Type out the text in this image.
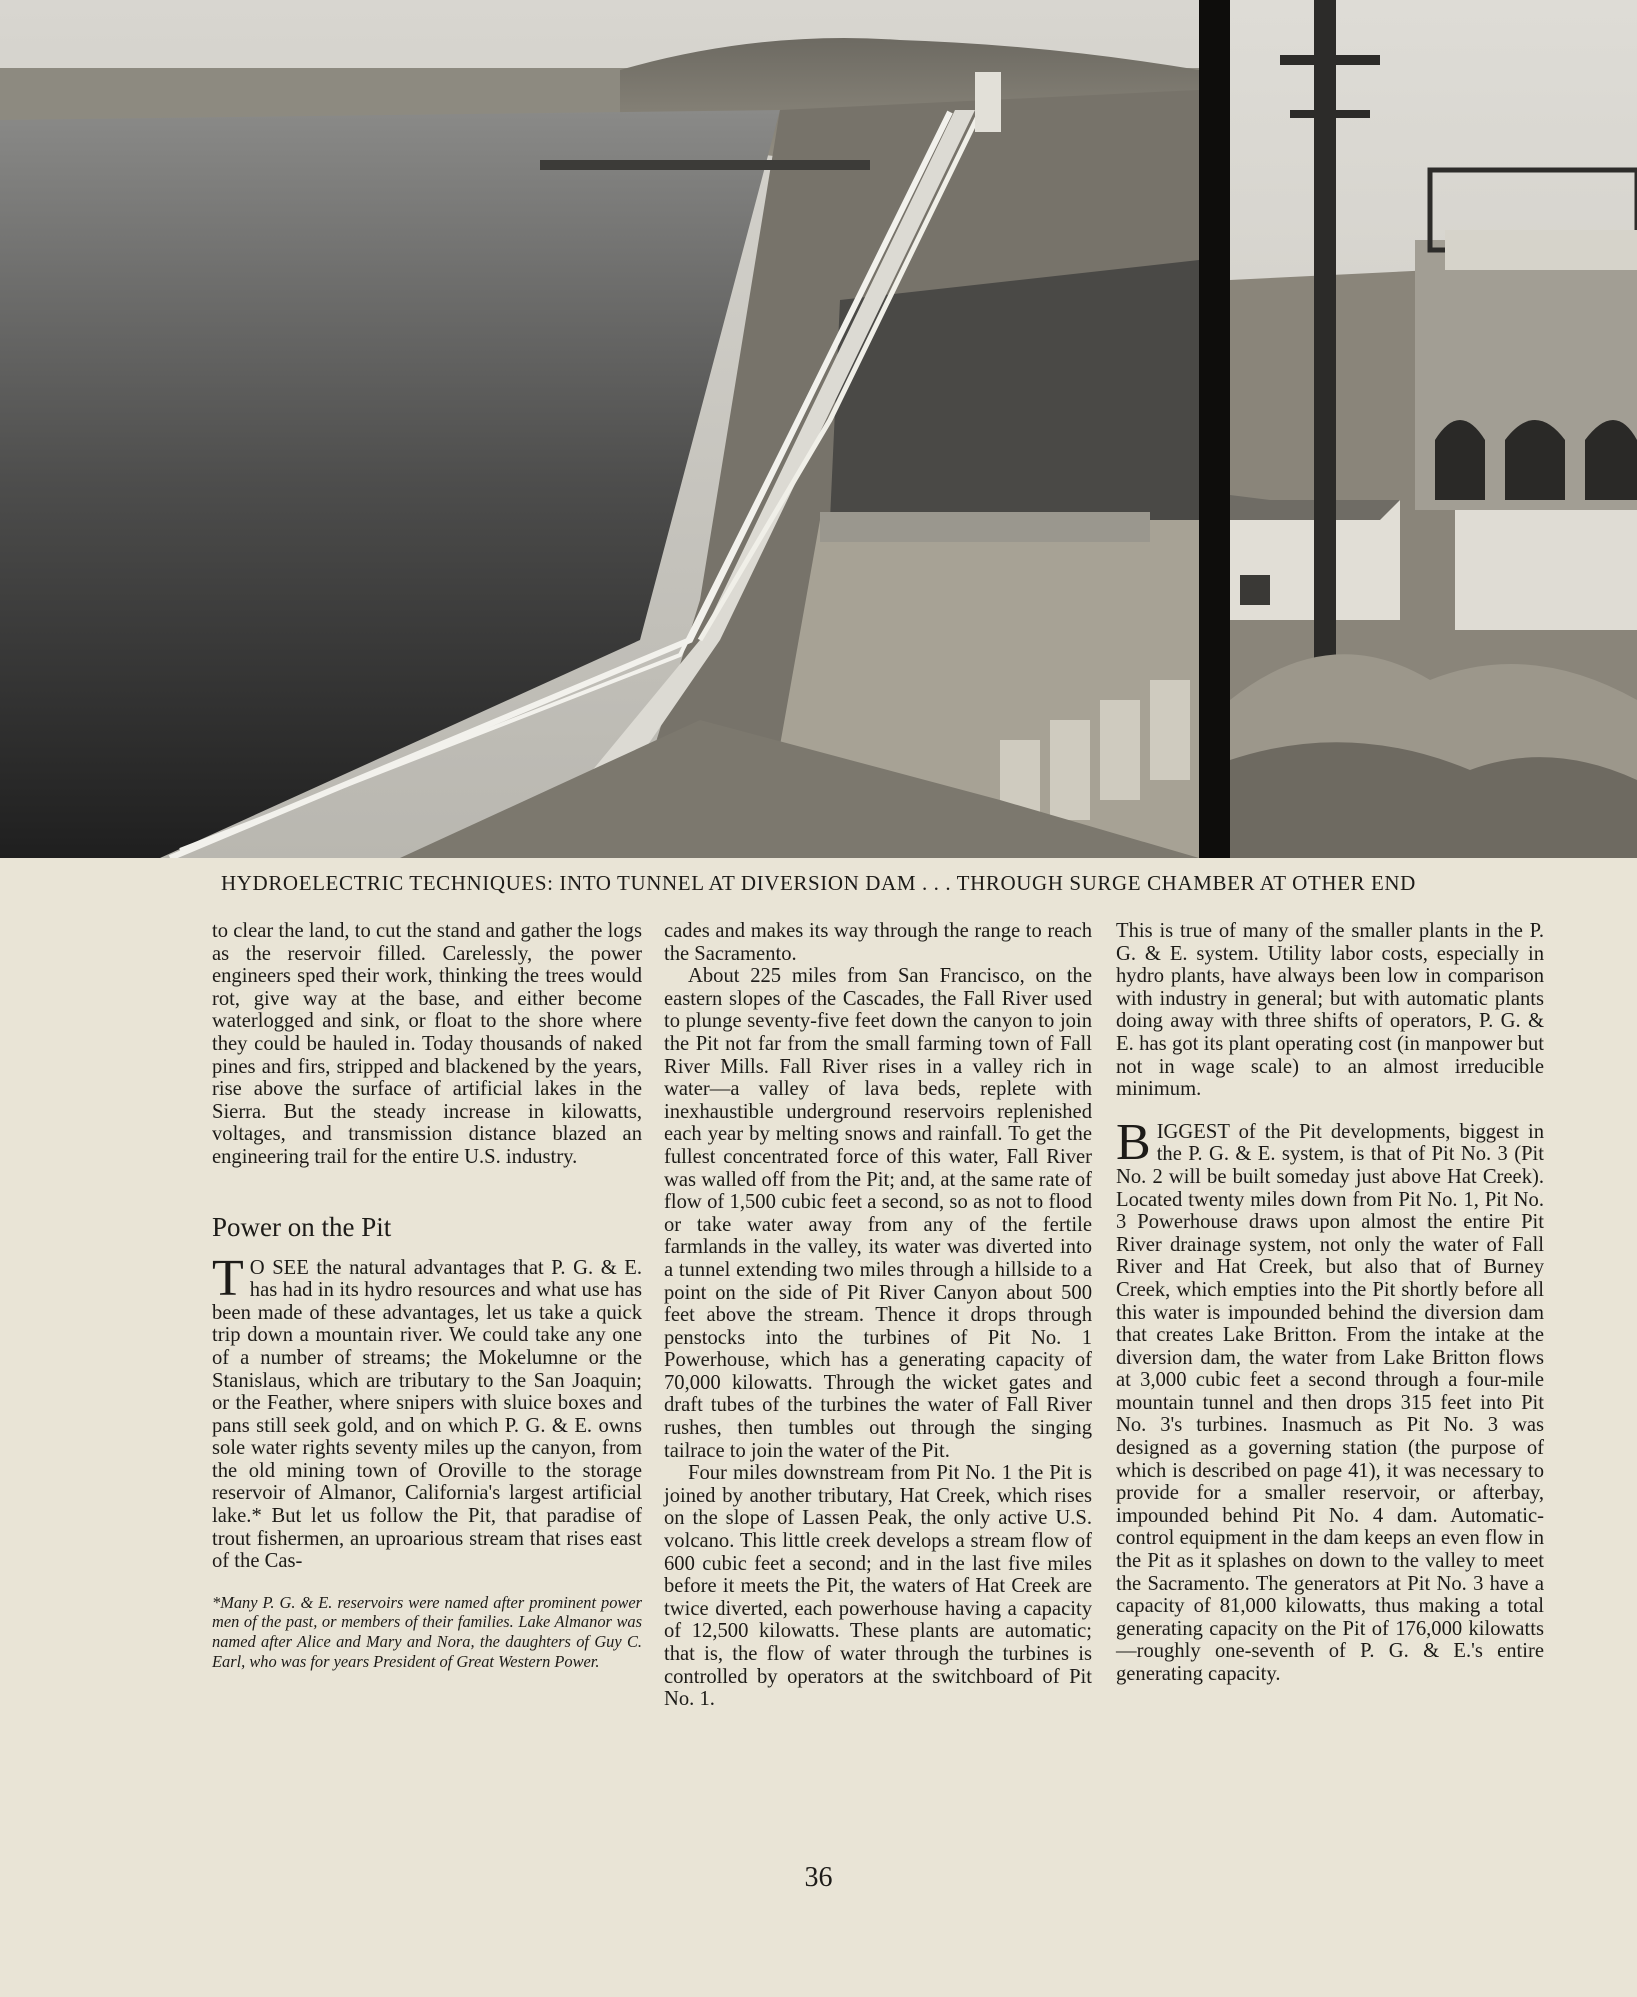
HYDROELECTRIC TECHNIQUES: INTO TUNNEL AT DIVERSION DAM . . . THROUGH SURGE CHAMBER AT OTHER END

to clear the land, to cut the stand and gather the logs as the reservoir filled. Carelessly, the power engineers sped their work, thinking the trees would rot, give way at the base, and either become waterlogged and sink, or float to the shore where they could be hauled in. Today thousands of naked pines and firs, stripped and blackened by the years, rise above the surface of artificial lakes in the Sierra. But the steady increase in kilowatts, voltages, and transmission distance blazed an engineering trail for the entire U.S. industry.

Power on the Pit

T O SEE the natural advantages that P. G. & E. has had in its hydro resources and what use has been made of these advantages, let us take a quick trip down a mountain river. We could take any one of a number of streams; the Mokelumne or the Stanislaus, which are tributary to the San Joaquin; or the Feather, where snipers with sluice boxes and pans still seek gold, and on which P. G. & E. owns sole water rights seventy miles up the canyon, from the old mining town of Oroville to the storage reservoir of Almanor, California's largest artificial lake.* But let us follow the Pit, that paradise of trout fishermen, an uproarious stream that rises east of the Cas-

*Many P. G. & E. reservoirs were named after prominent power men of the past, or members of their families. Lake Almanor was named after Alice and Mary and Nora, the daughters of Guy C. Earl, who was for years President of Great Western Power.

cades and makes its way through the range to reach the Sacramento.

About 225 miles from San Francisco, on the eastern slopes of the Cascades, the Fall River used to plunge seventy-five feet down the canyon to join the Pit not far from the small farming town of Fall River Mills. Fall River rises in a valley rich in water—a valley of lava beds, replete with inexhaustible underground reservoirs replenished each year by melting snows and rainfall. To get the fullest concentrated force of this water, Fall River was walled off from the Pit; and, at the same rate of flow of 1,500 cubic feet a second, so as not to flood or take water away from any of the fertile farmlands in the valley, its water was diverted into a tunnel extending two miles through a hillside to a point on the side of Pit River Canyon about 500 feet above the stream. Thence it drops through penstocks into the turbines of Pit No. 1 Powerhouse, which has a generating capacity of 70,000 kilowatts. Through the wicket gates and draft tubes of the turbines the water of Fall River rushes, then tumbles out through the singing tailrace to join the water of the Pit.

Four miles downstream from Pit No. 1 the Pit is joined by another tributary, Hat Creek, which rises on the slope of Lassen Peak, the only active U.S. volcano. This little creek develops a stream flow of 600 cubic feet a second; and in the last five miles before it meets the Pit, the waters of Hat Creek are twice diverted, each powerhouse having a capacity of 12,500 kilowatts. These plants are automatic; that is, the flow of water through the turbines is controlled by operators at the switchboard of Pit No. 1.

This is true of many of the smaller plants in the P. G. & E. system. Utility labor costs, especially in hydro plants, have always been low in comparison with industry in general; but with automatic plants doing away with three shifts of operators, P. G. & E. has got its plant operating cost (in manpower but not in wage scale) to an almost irreducible minimum.

BIGGEST of the Pit developments, biggest in the P. G. & E. system, is that of Pit No. 3 (Pit No. 2 will be built someday just above Hat Creek). Located twenty miles down from Pit No. 1, Pit No. 3 Powerhouse draws upon almost the entire Pit River drainage system, not only the water of Fall River and Hat Creek, but also that of Burney Creek, which empties into the Pit shortly before all this water is impounded behind the diversion dam that creates Lake Britton. From the intake at the diversion dam, the water from Lake Britton flows at 3,000 cubic feet a second through a four-mile mountain tunnel and then drops 315 feet into Pit No. 3's turbines. Inasmuch as Pit No. 3 was designed as a governing station (the purpose of which is described on page 41), it was necessary to provide for a smaller reservoir, or afterbay, impounded behind Pit No. 4 dam. Automatic-control equipment in the dam keeps an even flow in the Pit as it splashes on down to the valley to meet the Sacramento. The generators at Pit No. 3 have a capacity of 81,000 kilowatts, thus making a total generating capacity on the Pit of 176,000 kilowatts—roughly one-seventh of P. G. & E.'s entire generating capacity.

36
